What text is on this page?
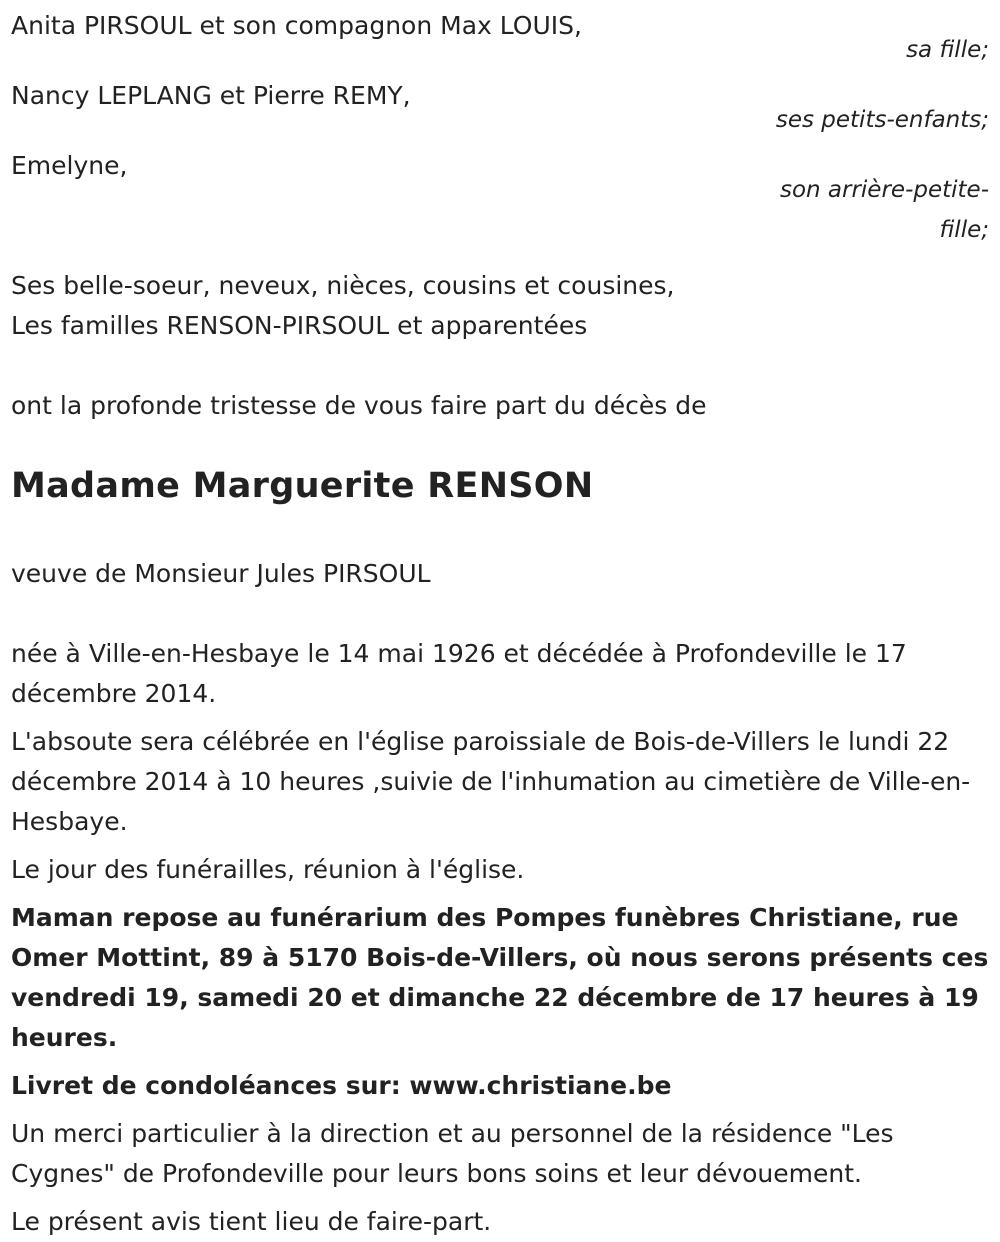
Anita PIRSOUL et son compagnon Max LOUIS,

sa fille;

Nancy LEPLANG et Pierre REMY,

ses petits-enfants;

Emelyne,

son arrière-petite-fille;

Ses belle-soeur, neveux, nièces, cousins et cousines,

Les familles RENSON-PIRSOUL et apparentées

ont la profonde tristesse de vous faire part du décès de

Madame Marguerite RENSON

veuve de Monsieur Jules PIRSOUL

née à Ville-en-Hesbaye le 14 mai 1926 et décédée à Profondeville le 17 décembre 2014.

L'absoute sera célébrée en l'église paroissiale de Bois-de-Villers le lundi 22 décembre 2014 à 10 heures ,suivie de l'inhumation au cimetière de Ville-en-Hesbaye.

Le jour des funérailles, réunion à l'église.

Maman repose au funérarium des Pompes funèbres Christiane, rue Omer Mottint, 89 à 5170 Bois-de-Villers, où nous serons présents ces vendredi 19, samedi 20 et dimanche 22 décembre de 17 heures à 19 heures.

Livret de condoléances sur: www.christiane.be

Un merci particulier à la direction et au personnel de la résidence "Les Cygnes" de Profondeville pour leurs bons soins et leur dévouement.

Le présent avis tient lieu de faire-part.
